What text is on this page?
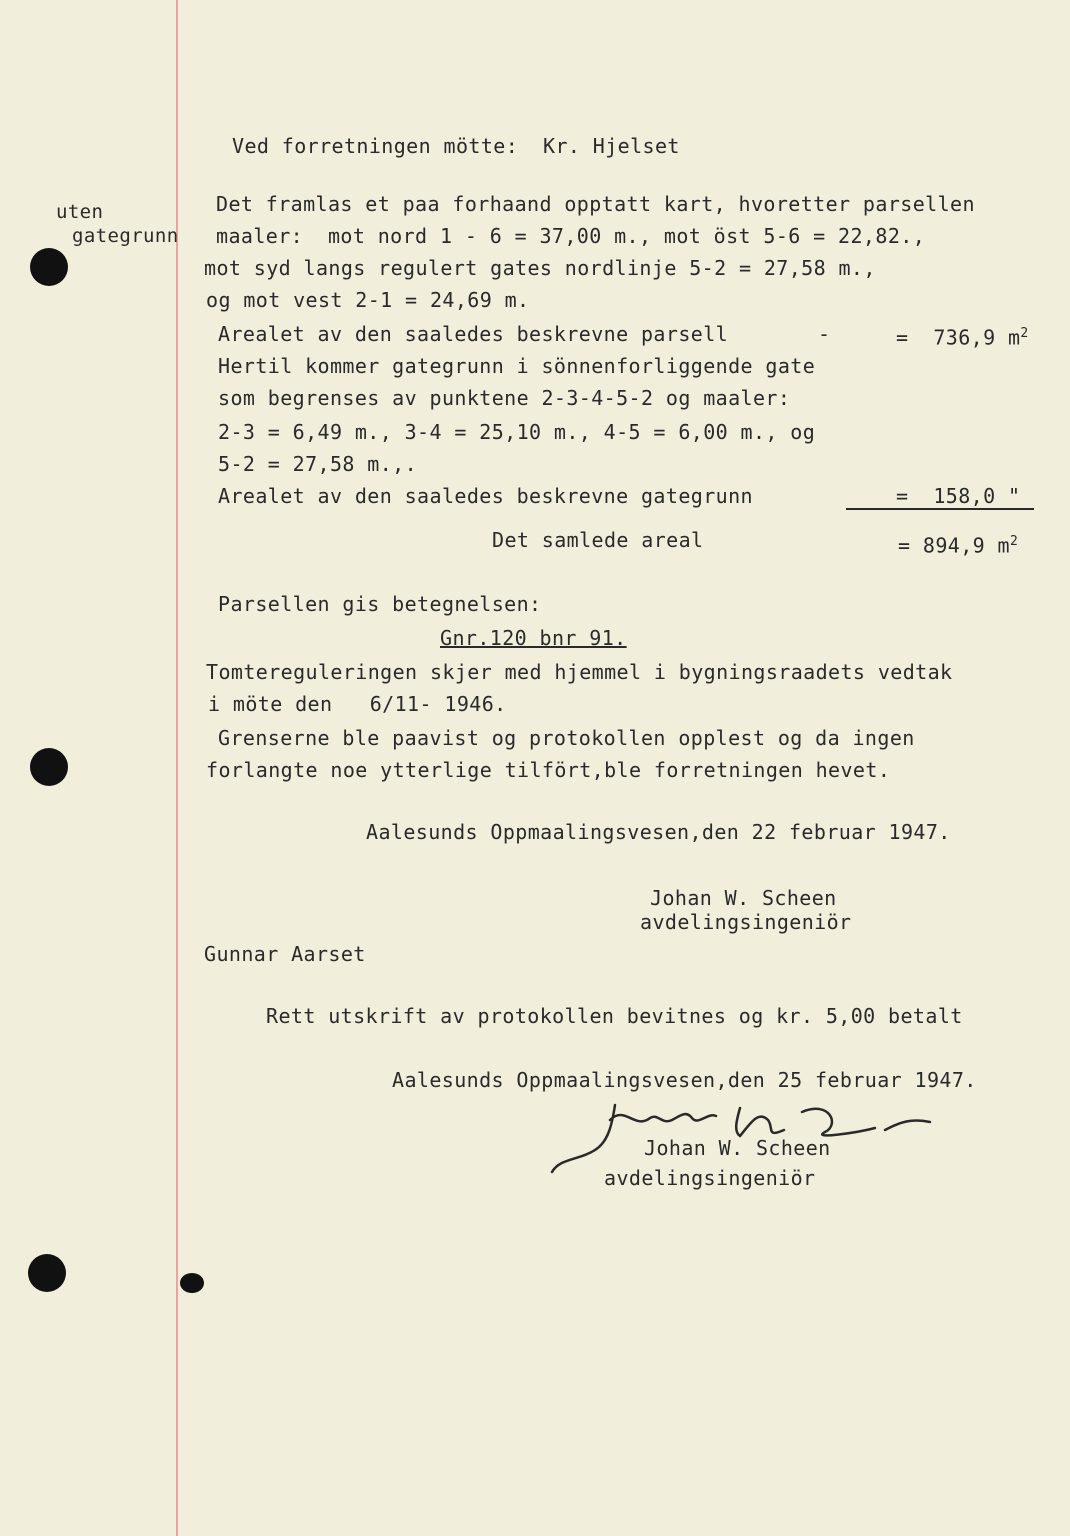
uten
gategrunn
Ved forretningen mötte:  Kr. Hjelset
Det framlas et paa forhaand opptatt kart, hvoretter parsellen
maaler:  mot nord 1 - 6 = 37,00 m., mot öst 5-6 = 22,82.,
mot syd langs regulert gates nordlinje 5-2 = 27,58 m.,
og mot vest 2-1 = 24,69 m.
Arealet av den saaledes beskrevne parsell	-	=  736,9 $m^2$
Hertil kommer gategrunn i sönnenforliggende gate
som begrenses av punktene 2-3-4-5-2 og maaler:
2-3 = 6,49 m., 3-4 = 25,10 m., 4-5 = 6,00 m., og
5-2 = 27,58 m.,.
Arealet av den saaledes beskrevne gategrunn	=  158,0 "
Det samlede areal	= 894,9 $m^2$
Parsellen gis betegnelsen:
Gnr.120 bnr 91.
Tomtereguleringen skjer med hjemmel i bygningsraadets vedtak
i möte den   6/11- 1946.
Grenserne ble paavist og protokollen opplest og da ingen
forlangte noe ytterlige tilfört,ble forretningen hevet.
Aalesunds Oppmaalingsvesen,den 22 februar 1947.
Johan W. Scheen
avdelingsingeniör
Gunnar Aarset
Rett utskrift av protokollen bevitnes og kr. 5,00 betalt
Aalesunds Oppmaalingsvesen,den 25 februar 1947.
Johan W. Scheen
avdelingsingeniör
